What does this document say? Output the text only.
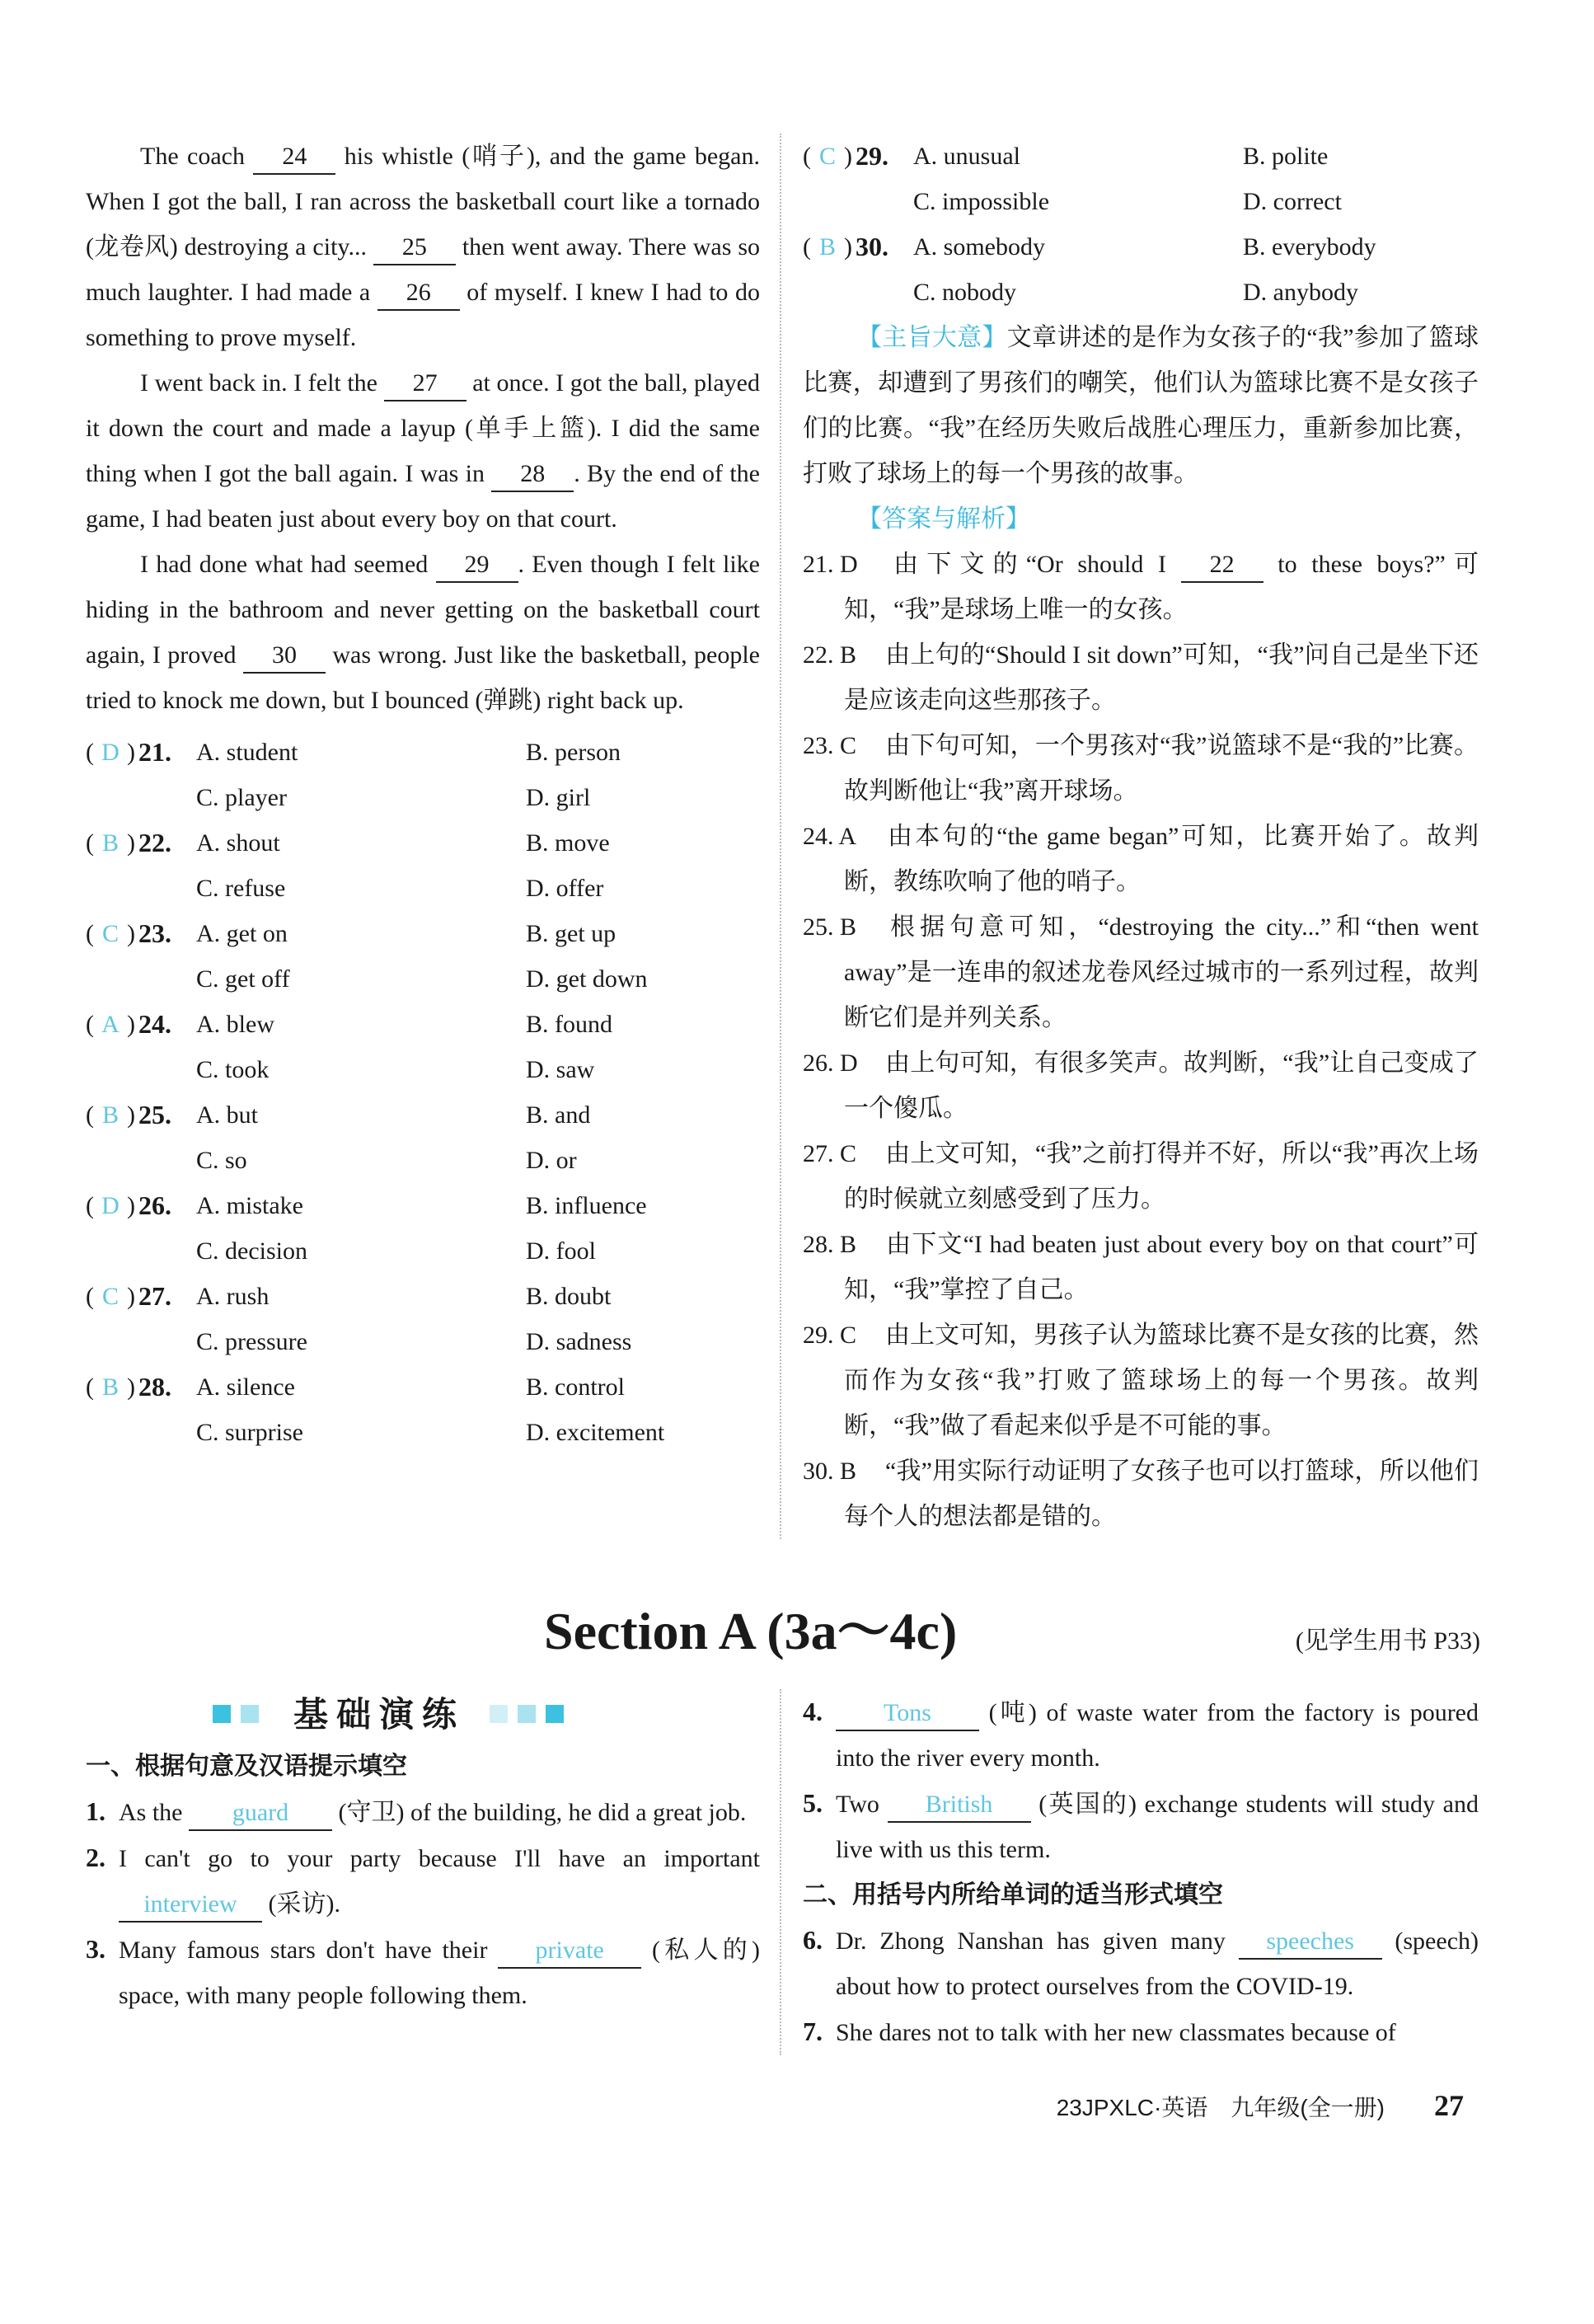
The coach 24 his whistle (哨子), and the game began. When I got the ball, I ran across the basketball court like a tornado (龙卷风) destroying a city... 25 then went away. There was so much laughter. I had made a 26 of myself. I knew I had to do something to prove myself.

I went back in. I felt the 27 at once. I got the ball, played it down the court and made a layup (单手上篮). I did the same thing when I got the ball again. I was in 28 . By the end of the game, I had beaten just about every boy on that court.

I had done what had seemed 29 . Even though I felt like hiding in the bathroom and never getting on the basketball court again, I proved 30 was wrong. Just like the basketball, people tried to knock me down, but I bounced (弹跳) right back up.

( D ) 21.	A. student	B. person
C. player	D. girl
( B ) 22.	A. shout	B. move
C. refuse	D. offer
( C ) 23.	A. get on	B. get up
C. get off	D. get down
( A ) 24.	A. blew	B. found
C. took	D. saw
( B ) 25.	A. but	B. and
C. so	D. or
( D ) 26.	A. mistake	B. influence
C. decision	D. fool
( C ) 27.	A. rush	B. doubt
C. pressure	D. sadness
( B ) 28.	A. silence	B. control
C. surprise	D. excitement
( C ) 29.	A. unusual	B. polite
C. impossible	D. correct
( B ) 30.	A. somebody	B. everybody
C. nobody	D. anybody

【主旨大意】文章讲述的是作为女孩子的“我”参加了篮球比赛，却遭到了男孩们的嘲笑，他们认为篮球比赛不是女孩子们的比赛。“我”在经历失败后战胜心理压力，重新参加比赛，打败了球场上的每一个男孩的故事。

【答案与解析】

21. D 由下文的“Or should I 22 to these boys?”可知，“我”是球场上唯一的女孩。

22. B 由上句的“Should I sit down”可知，“我”问自己是坐下还是应该走向这些那孩子。

23. C 由下句可知，一个男孩对“我”说篮球不是“我的”比赛。故判断他让“我”离开球场。

24. A 由本句的“the game began”可知，比赛开始了。故判断，教练吹响了他的哨子。

25. B 根据句意可知，“destroying the city...”和“then went away”是一连串的叙述龙卷风经过城市的一系列过程，故判断它们是并列关系。

26. D 由上句可知，有很多笑声。故判断，“我”让自己变成了一个傻瓜。

27. C 由上文可知，“我”之前打得并不好，所以“我”再次上场的时候就立刻感受到了压力。

28. B 由下文“I had beaten just about every boy on that court”可知，“我”掌控了自己。

29. C 由上文可知，男孩子认为篮球比赛不是女孩的比赛，然而作为女孩“我”打败了篮球场上的每一个男孩。故判断，“我”做了看起来似乎是不可能的事。

30. B “我”用实际行动证明了女孩子也可以打篮球，所以他们每个人的想法都是错的。

Section A (3a～4c)	(见学生用书 P33)
基础演练

一、根据句意及汉语提示填空

1. As the guard (守卫) of the building, he did a great job.

2. I can't go to your party because I'll have an important interview (采访).

3. Many famous stars don't have their private (私人的) space, with many people following them.

4. Tons (吨) of waste water from the factory is poured into the river every month.

5. Two British (英国的) exchange students will study and live with us this term.

二、用括号内所给单词的适当形式填空

6. Dr. Zhong Nanshan has given many speeches (speech) about how to protect ourselves from the COVID-19.

7. She dares not to talk with her new classmates because of

23JPXLC·英语　九年级(全一册) 27
